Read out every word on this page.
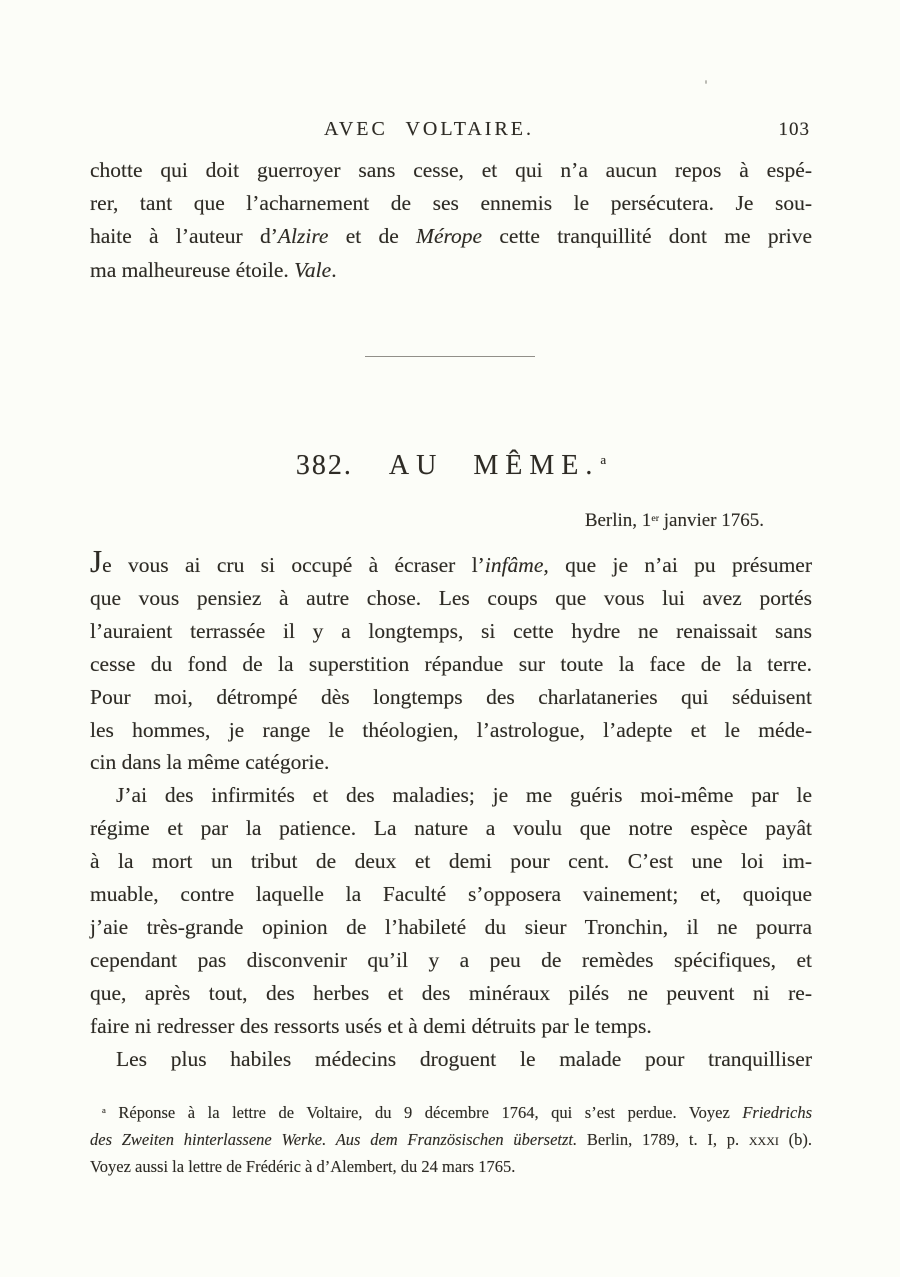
AVEC VOLTAIRE.	103
chotte qui doit guerroyer sans cesse, et qui n’a aucun repos à espé-
rer, tant que l’acharnement de ses ennemis le persécutera. Je sou-
haite à l’auteur d’Alzire et de Mérope cette tranquillité dont me prive
ma malheureuse étoile. Vale.
382. AU MÊME.$^a$
Berlin, 1er janvier 1765.
Je vous ai cru si occupé à écraser l’infâme, que je n’ai pu présumer
que vous pensiez à autre chose. Les coups que vous lui avez portés
l’auraient terrassée il y a longtemps, si cette hydre ne renaissait sans
cesse du fond de la superstition répandue sur toute la face de la terre.
Pour moi, détrompé dès longtemps des charlataneries qui séduisent
les hommes, je range le théologien, l’astrologue, l’adepte et le méde-
cin dans la même catégorie.
J’ai des infirmités et des maladies; je me guéris moi-même par le
régime et par la patience. La nature a voulu que notre espèce payât
à la mort un tribut de deux et demi pour cent. C’est une loi im-
muable, contre laquelle la Faculté s’opposera vainement; et, quoique
j’aie très-grande opinion de l’habileté du sieur Tronchin, il ne pourra
cependant pas disconvenir qu’il y a peu de remèdes spécifiques, et
que, après tout, des herbes et des minéraux pilés ne peuvent ni re-
faire ni redresser des ressorts usés et à demi détruits par le temps.
Les plus habiles médecins droguent le malade pour tranquilliser
$^a$ Réponse à la lettre de Voltaire, du 9 décembre 1764, qui s’est perdue. Voyez Friedrichs
des Zweiten hinterlassene Werke. Aus dem Französischen übersetzt. Berlin, 1789, t. I, p. xxxi (b).
Voyez aussi la lettre de Frédéric à d’Alembert, du 24 mars 1765.
